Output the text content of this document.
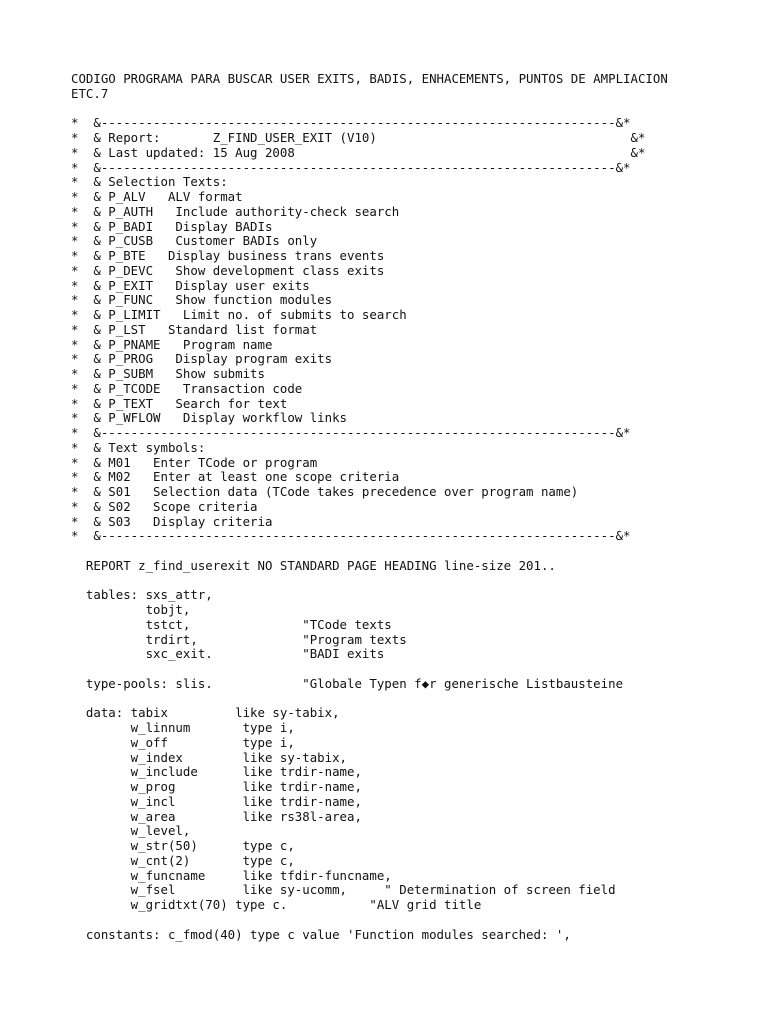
CODIGO PROGRAMA PARA BUSCAR USER EXITS, BADIS, ENHACEMENTS, PUNTOS DE AMPLIACION
ETC.7
*  &---------------------------------------------------------------------&*
*  & Report:       Z_FIND_USER_EXIT (V10)                                  &*
*  & Last updated: 15 Aug 2008                                             &*
*  &---------------------------------------------------------------------&*
*  & Selection Texts:
*  & P_ALV   ALV format
*  & P_AUTH   Include authority-check search
*  & P_BADI   Display BADIs
*  & P_CUSB   Customer BADIs only
*  & P_BTE   Display business trans events
*  & P_DEVC   Show development class exits
*  & P_EXIT   Display user exits
*  & P_FUNC   Show function modules
*  & P_LIMIT   Limit no. of submits to search
*  & P_LST   Standard list format
*  & P_PNAME   Program name
*  & P_PROG   Display program exits
*  & P_SUBM   Show submits
*  & P_TCODE   Transaction code
*  & P_TEXT   Search for text
*  & P_WFLOW   Display workflow links
*  &---------------------------------------------------------------------&*
*  & Text symbols:
*  & M01   Enter TCode or program
*  & M02   Enter at least one scope criteria
*  & S01   Selection data (TCode takes precedence over program name)
*  & S02   Scope criteria
*  & S03   Display criteria
*  &---------------------------------------------------------------------&*
REPORT z_find_userexit NO STANDARD PAGE HEADING line-size 201..
tables: sxs_attr,
tobjt,
tstct,               "TCode texts
trdirt,              "Program texts
sxc_exit.            "BADI exits
type-pools: slis.            "Globale Typen f◆r generische Listbausteine
data: tabix         like sy-tabix,
w_linnum       type i,
w_off          type i,
w_index        like sy-tabix,
w_include      like trdir-name,
w_prog         like trdir-name,
w_incl         like trdir-name,
w_area         like rs38l-area,
w_level,
w_str(50)      type c,
w_cnt(2)       type c,
w_funcname     like tfdir-funcname,
w_fsel         like sy-ucomm,     " Determination of screen field
w_gridtxt(70) type c.           "ALV grid title
constants: c_fmod(40) type c value 'Function modules searched: ',
